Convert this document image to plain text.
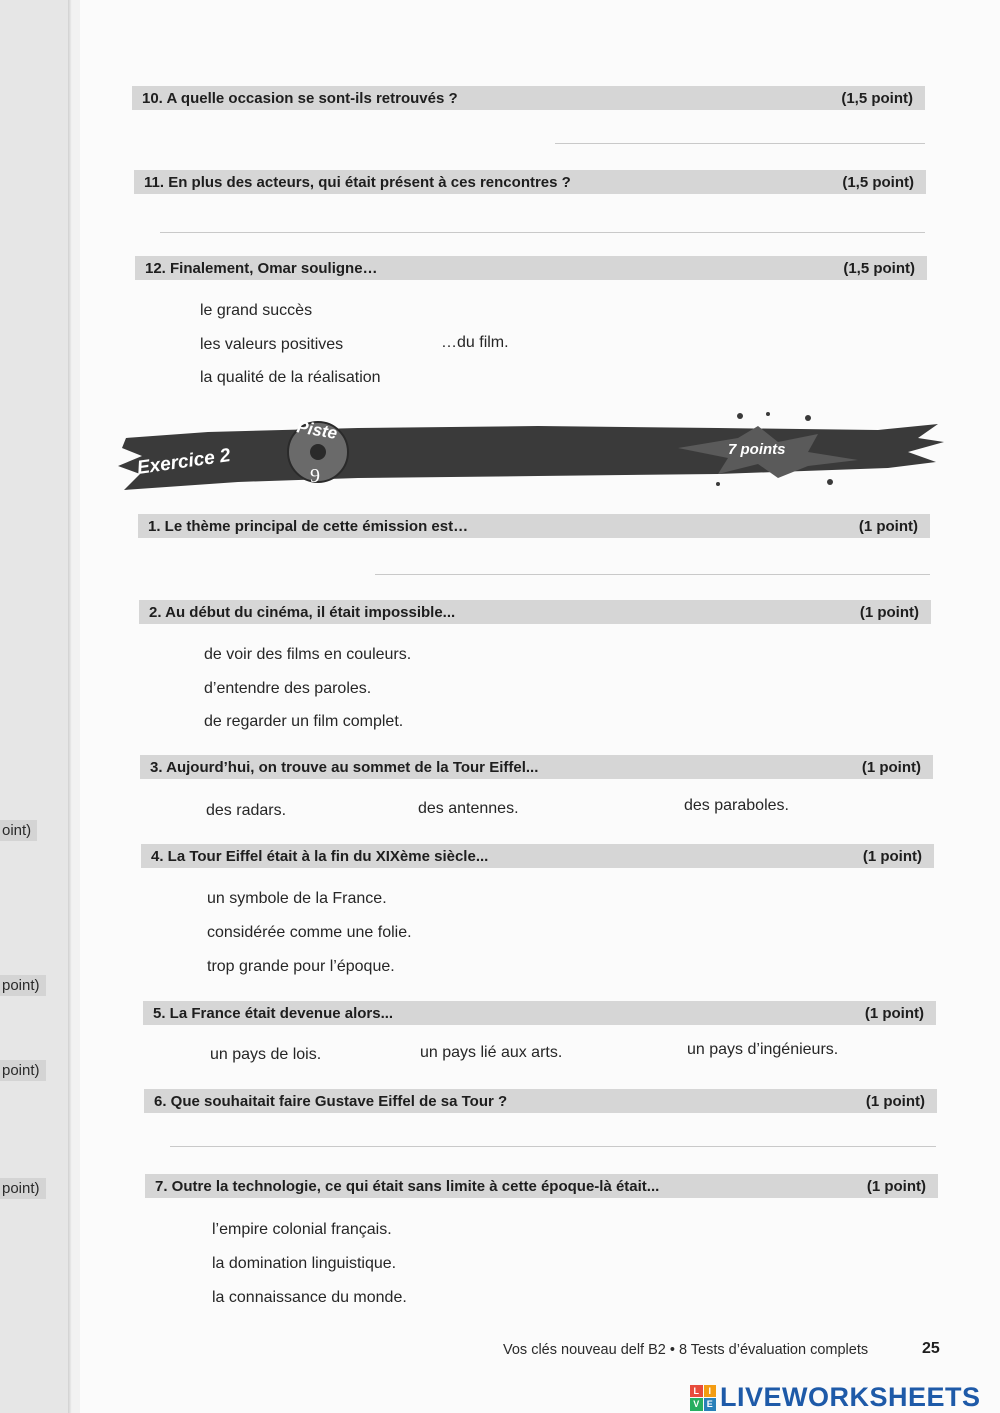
oint)
point)
point)
point)
10. A quelle occasion se sont-ils retrouvés ?	(1,5 point)
11. En plus des acteurs, qui était présent à ces rencontres ?	(1,5 point)
12. Finalement, Omar souligne…	(1,5 point)
le grand succès
les valeurs positives
la qualité de la réalisation
…du film.
Exercice 2
Piste
9
7 points
1. Le thème principal de cette émission est…	(1 point)
2. Au début du cinéma, il était impossible...	(1 point)
de voir des films en couleurs.
d’entendre des paroles.
de regarder un film complet.
3. Aujourd’hui, on trouve au sommet de la Tour Eiffel...	(1 point)
des radars.	des antennes.	des paraboles.
4. La Tour Eiffel était à la fin du XIXème siècle...	(1 point)
un symbole de la France.
considérée comme une folie.
trop grande pour l’époque.
5. La France était devenue alors...	(1 point)
un pays de lois.	un pays lié aux arts.	un pays d’ingénieurs.
6. Que souhaitait faire Gustave Eiffel de sa Tour ?	(1 point)
7. Outre la technologie, ce qui était sans limite à cette époque-là était...	(1 point)
l’empire colonial français.
la domination linguistique.
la connaissance du monde.
Vos clés nouveau delf B2 • 8 Tests d’évaluation complets	25
L	I
V E LIVEWORKSHEETS
